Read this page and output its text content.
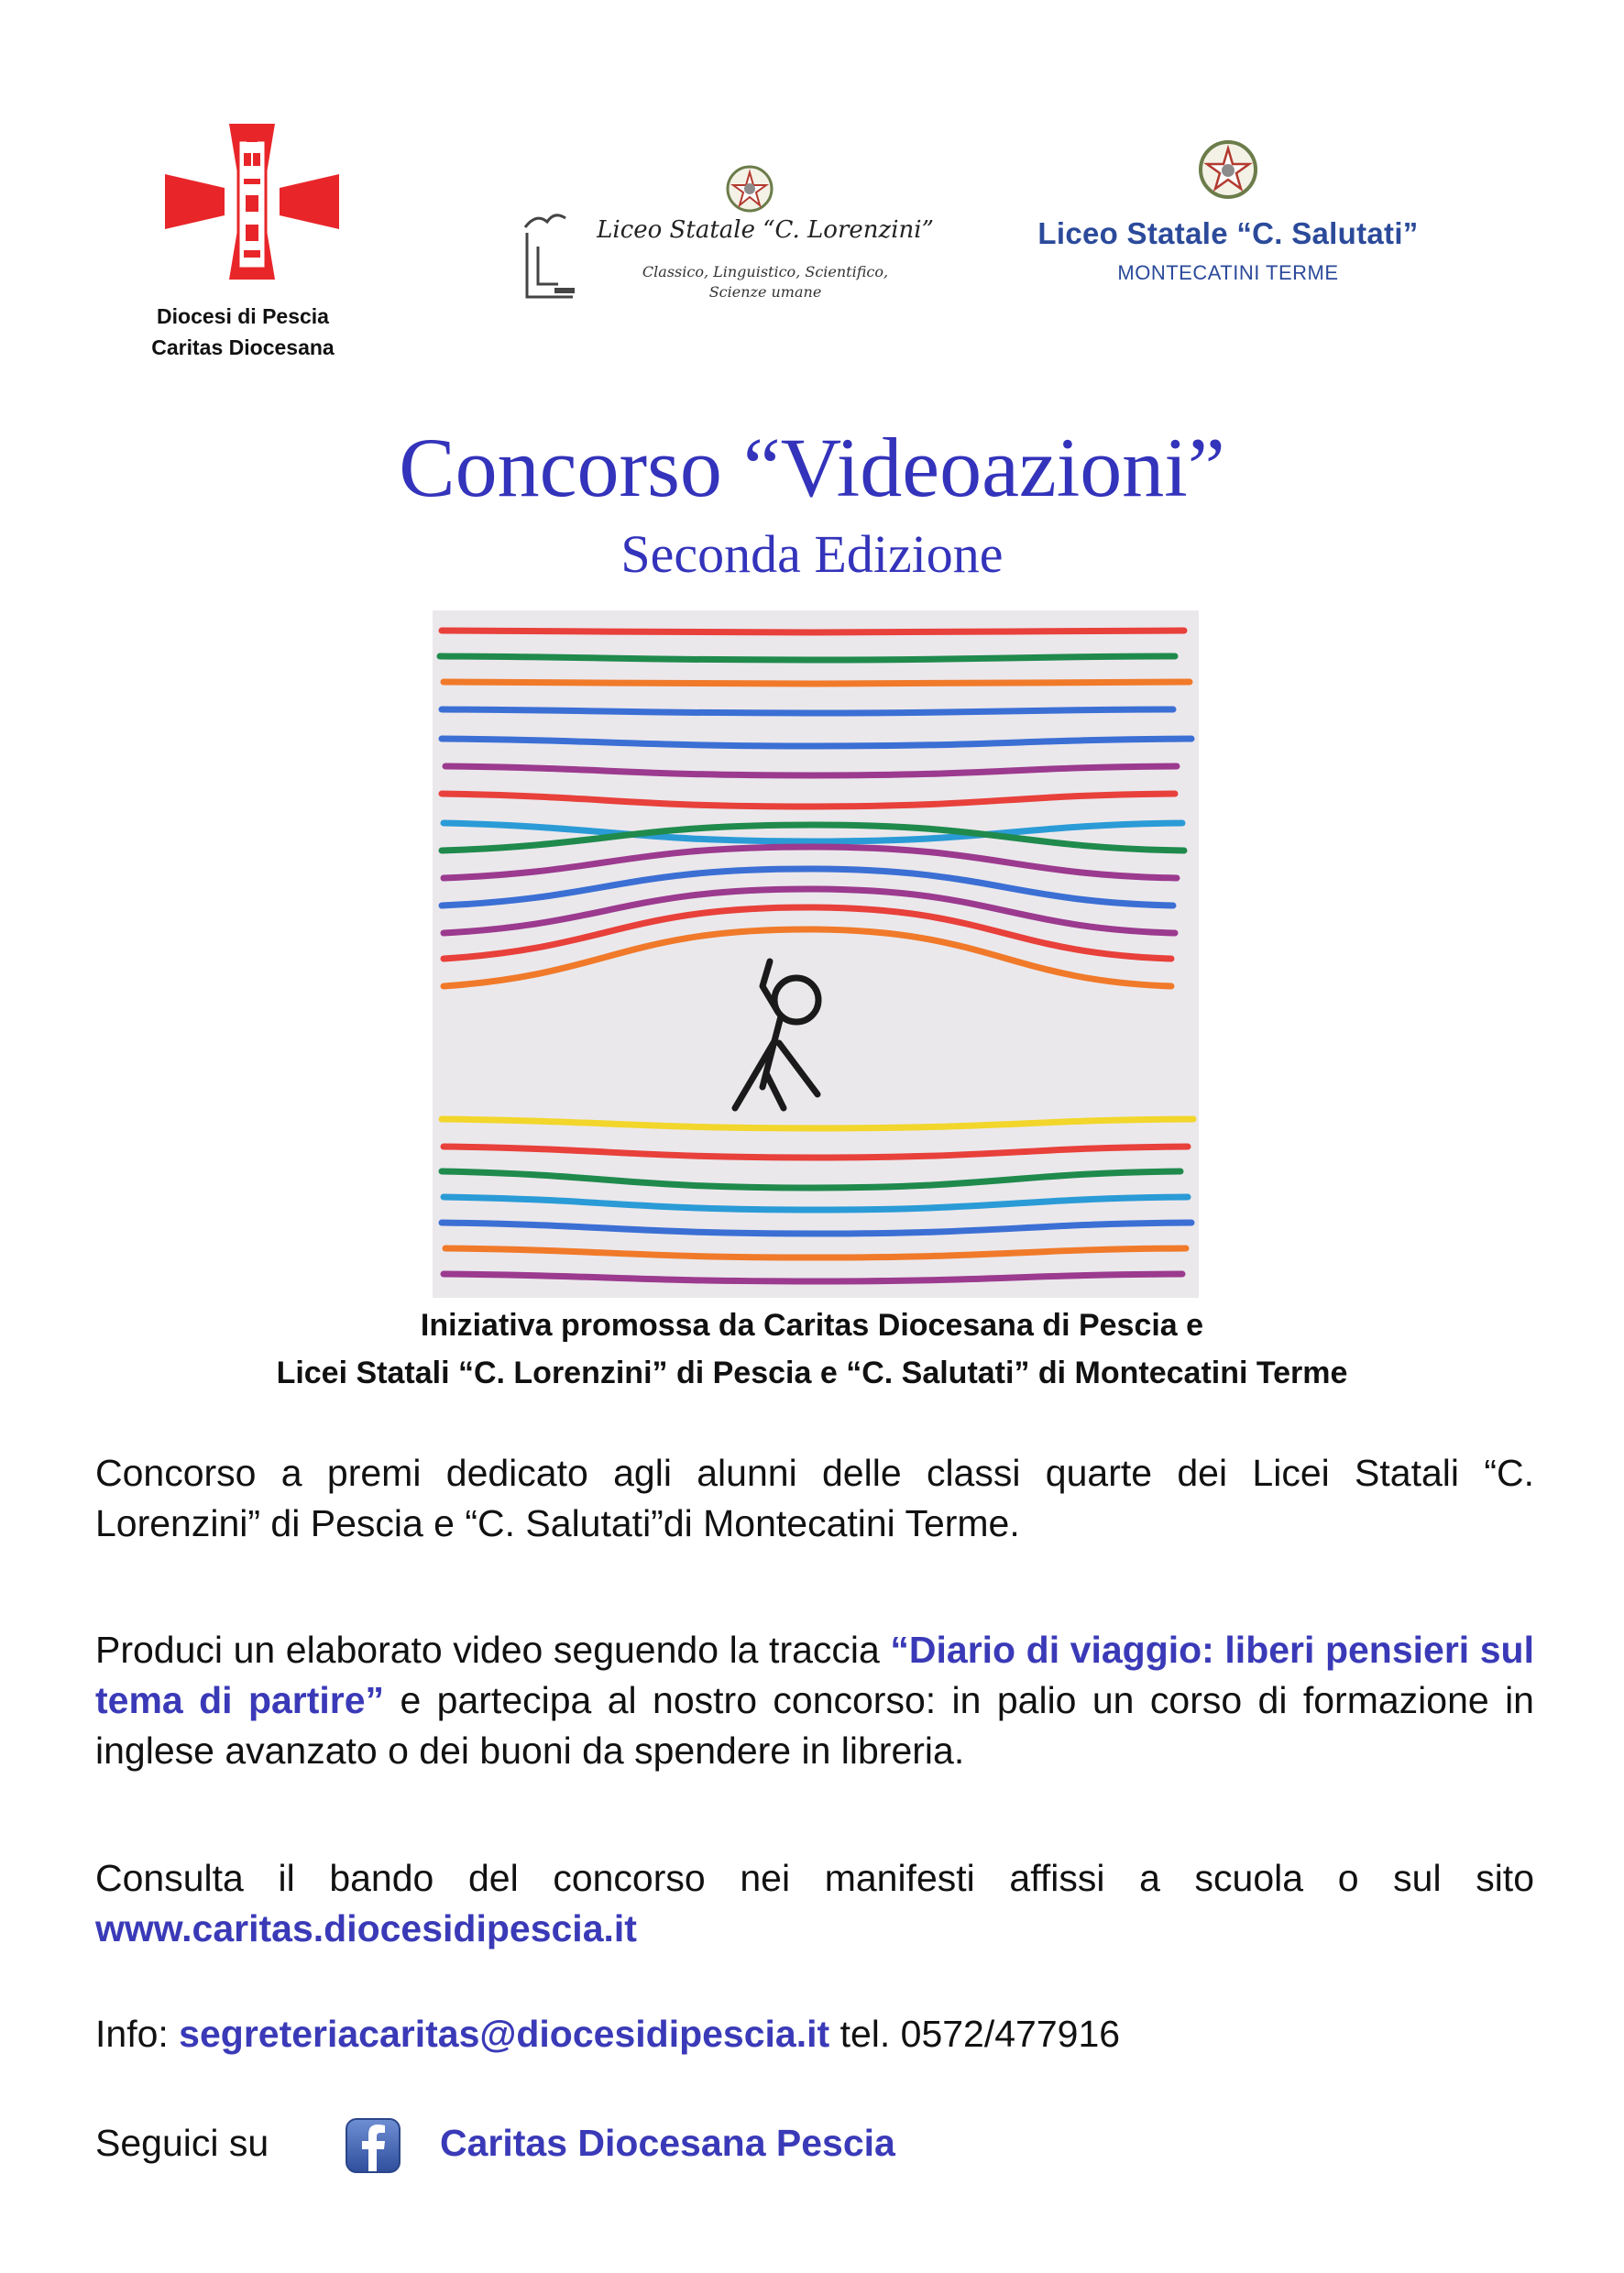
Diocesi di Pescia
Caritas Diocesana
Liceo Statale “C. Lorenzini”
Classico, Linguistico, Scientifico,
Scienze umane
Liceo Statale “C. Salutati”
MONTECATINI TERME
Concorso “Videoazioni”
Seconda Edizione
Iniziativa promossa da Caritas Diocesana di Pescia e
Licei Statali “C. Lorenzini” di Pescia e “C. Salutati” di Montecatini Terme
Concorso a premi dedicato agli alunni delle classi quarte dei Licei Statali “C. Lorenzini” di Pescia e “C. Salutati”di Montecatini Terme.
Produci un elaborato video seguendo la traccia “Diario di viaggio: liberi pensieri sul tema di partire” e partecipa al nostro concorso: in palio un corso di formazione in inglese avanzato o dei buoni da spendere in libreria.
Consulta il bando del concorso nei manifesti affissi a scuola o sul sito
www.caritas.diocesidipescia.it
Info: segreteriacaritas@diocesidipescia.it tel. 0572/477916
Seguici su	Caritas Diocesana Pescia
